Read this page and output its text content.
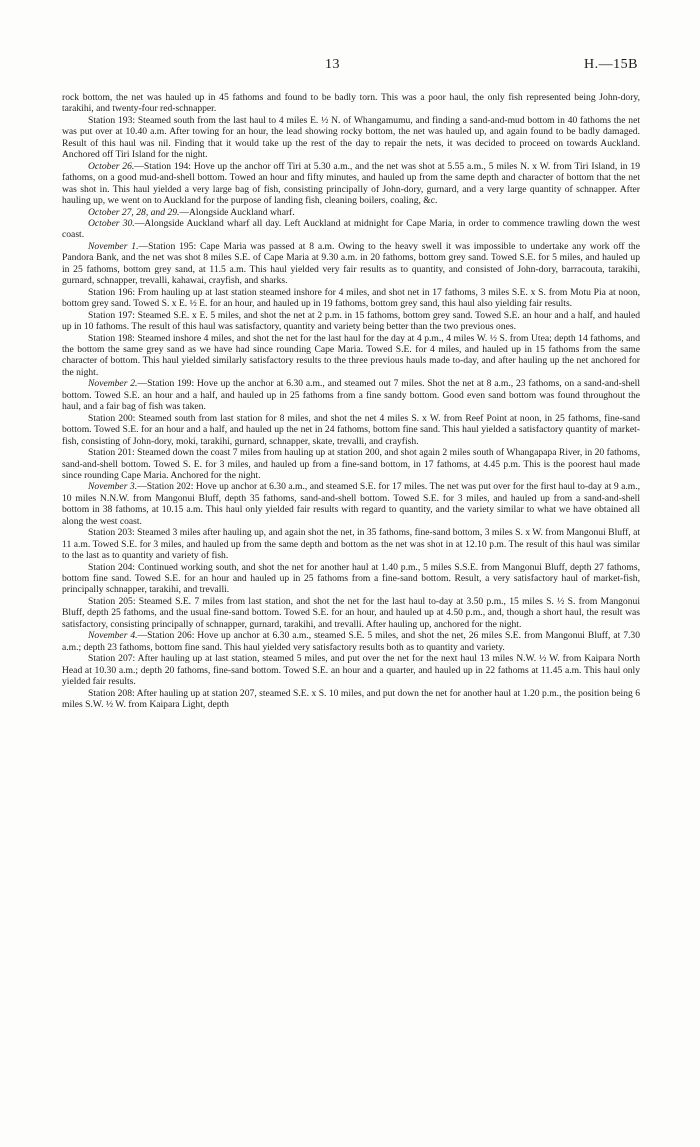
13	H.—15B

rock bottom, the net was hauled up in 45 fathoms and found to be badly torn. This was a poor haul, the only fish represented being John-dory, tarakihi, and twenty-four red-schnapper.

Station 193: Steamed south from the last haul to 4 miles E. ½ N. of Whangamumu, and finding a sand-and-mud bottom in 40 fathoms the net was put over at 10.40 a.m. After towing for an hour, the lead showing rocky bottom, the net was hauled up, and again found to be badly damaged. Result of this haul was nil. Finding that it would take up the rest of the day to repair the nets, it was decided to proceed on towards Auckland. Anchored off Tiri Island for the night.

October 26.—Station 194: Hove up the anchor off Tiri at 5.30 a.m., and the net was shot at 5.55 a.m., 5 miles N. x W. from Tiri Island, in 19 fathoms, on a good mud-and-shell bottom. Towed an hour and fifty minutes, and hauled up from the same depth and character of bottom that the net was shot in. This haul yielded a very large bag of fish, consisting principally of John-dory, gurnard, and a very large quantity of schnapper. After hauling up, we went on to Auckland for the purpose of landing fish, cleaning boilers, coaling, &c.

October 27, 28, and 29.—Alongside Auckland wharf.

October 30.—Alongside Auckland wharf all day. Left Auckland at midnight for Cape Maria, in order to commence trawling down the west coast.

November 1.—Station 195: Cape Maria was passed at 8 a.m. Owing to the heavy swell it was impossible to undertake any work off the Pandora Bank, and the net was shot 8 miles S.E. of Cape Maria at 9.30 a.m. in 20 fathoms, bottom grey sand. Towed S.E. for 5 miles, and hauled up in 25 fathoms, bottom grey sand, at 11.5 a.m. This haul yielded very fair results as to quantity, and consisted of John-dory, barracouta, tarakihi, gurnard, schnapper, trevalli, kahawai, crayfish, and sharks.

Station 196: From hauling up at last station steamed inshore for 4 miles, and shot net in 17 fathoms, 3 miles S.E. x S. from Motu Pia at noon, bottom grey sand. Towed S. x E. ½ E. for an hour, and hauled up in 19 fathoms, bottom grey sand, this haul also yielding fair results.

Station 197: Steamed S.E. x E. 5 miles, and shot the net at 2 p.m. in 15 fathoms, bottom grey sand. Towed S.E. an hour and a half, and hauled up in 10 fathoms. The result of this haul was satisfactory, quantity and variety being better than the two previous ones.

Station 198: Steamed inshore 4 miles, and shot the net for the last haul for the day at 4 p.m., 4 miles W. ½ S. from Utea; depth 14 fathoms, and the bottom the same grey sand as we have had since rounding Cape Maria. Towed S.E. for 4 miles, and hauled up in 15 fathoms from the same character of bottom. This haul yielded similarly satisfactory results to the three previous hauls made to-day, and after hauling up the net anchored for the night.

November 2.—Station 199: Hove up the anchor at 6.30 a.m., and steamed out 7 miles. Shot the net at 8 a.m., 23 fathoms, on a sand-and-shell bottom. Towed S.E. an hour and a half, and hauled up in 25 fathoms from a fine sandy bottom. Good even sand bottom was found throughout the haul, and a fair bag of fish was taken.

Station 200: Steamed south from last station for 8 miles, and shot the net 4 miles S. x W. from Reef Point at noon, in 25 fathoms, fine-sand bottom. Towed S.E. for an hour and a half, and hauled up the net in 24 fathoms, bottom fine sand. This haul yielded a satisfactory quantity of market-fish, consisting of John-dory, moki, tarakihi, gurnard, schnapper, skate, trevalli, and crayfish.

Station 201: Steamed down the coast 7 miles from hauling up at station 200, and shot again 2 miles south of Whangapapa River, in 20 fathoms, sand-and-shell bottom. Towed S. E. for 3 miles, and hauled up from a fine-sand bottom, in 17 fathoms, at 4.45 p.m. This is the poorest haul made since rounding Cape Maria. Anchored for the night.

November 3.—Station 202: Hove up anchor at 6.30 a.m., and steamed S.E. for 17 miles. The net was put over for the first haul to-day at 9 a.m., 10 miles N.N.W. from Mangonui Bluff, depth 35 fathoms, sand-and-shell bottom. Towed S.E. for 3 miles, and hauled up from a sand-and-shell bottom in 38 fathoms, at 10.15 a.m. This haul only yielded fair results with regard to quantity, and the variety similar to what we have obtained all along the west coast.

Station 203: Steamed 3 miles after hauling up, and again shot the net, in 35 fathoms, fine-sand bottom, 3 miles S. x W. from Mangonui Bluff, at 11 a.m. Towed S.E. for 3 miles, and hauled up from the same depth and bottom as the net was shot in at 12.10 p.m. The result of this haul was similar to the last as to quantity and variety of fish.

Station 204: Continued working south, and shot the net for another haul at 1.40 p.m., 5 miles S.S.E. from Mangonui Bluff, depth 27 fathoms, bottom fine sand. Towed S.E. for an hour and hauled up in 25 fathoms from a fine-sand bottom. Result, a very satisfactory haul of market-fish, principally schnapper, tarakihi, and trevalli.

Station 205: Steamed S.E. 7 miles from last station, and shot the net for the last haul to-day at 3.50 p.m., 15 miles S. ½ S. from Mangonui Bluff, depth 25 fathoms, and the usual fine-sand bottom. Towed S.E. for an hour, and hauled up at 4.50 p.m., and, though a short haul, the result was satisfactory, consisting principally of schnapper, gurnard, tarakihi, and trevalli. After hauling up, anchored for the night.

November 4.—Station 206: Hove up anchor at 6.30 a.m., steamed S.E. 5 miles, and shot the net, 26 miles S.E. from Mangonui Bluff, at 7.30 a.m.; depth 23 fathoms, bottom fine sand. This haul yielded very satisfactory results both as to quantity and variety.

Station 207: After hauling up at last station, steamed 5 miles, and put over the net for the next haul 13 miles N.W. ½ W. from Kaipara North Head at 10.30 a.m.; depth 20 fathoms, fine-sand bottom. Towed S.E. an hour and a quarter, and hauled up in 22 fathoms at 11.45 a.m. This haul only yielded fair results.

Station 208: After hauling up at station 207, steamed S.E. x S. 10 miles, and put down the net for another haul at 1.20 p.m., the position being 6 miles S.W. ½ W. from Kaipara Light, depth
